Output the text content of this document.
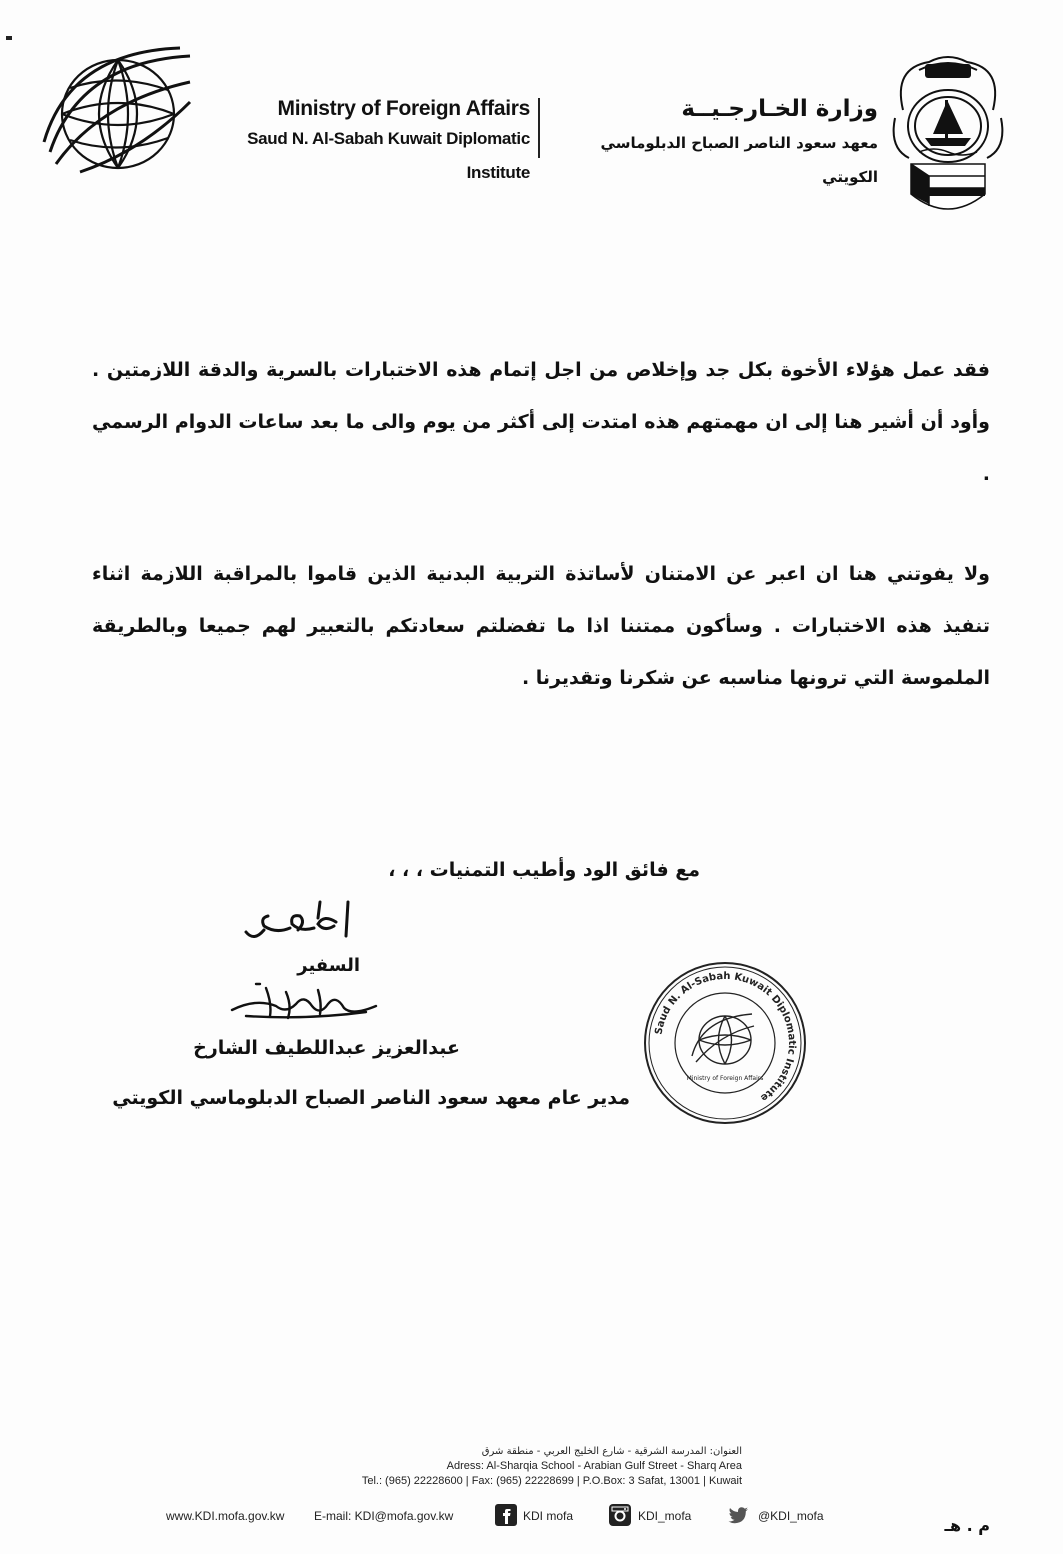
Ministry of Foreign Affairs
Saud N. Al-Sabah Kuwait Diplomatic Institute
وزارة الخـارجـيــة
معهد سعود الناصر الصباح الدبلوماسي الكويتي
فقد عمل هؤلاء الأخوة بكل جد وإخلاص من اجل إتمام هذه الاختبارات بالسرية والدقة اللازمتين . وأود أن أشير هنا إلى ان مهمتهم هذه امتدت إلى أكثر من يوم والى ما بعد ساعات الدوام الرسمي .
ولا يفوتني هنا ان اعبر عن الامتنان لأساتذة التربية البدنية الذين قاموا بالمراقبة اللازمة اثناء تنفيذ هذه الاختبارات . وسأكون ممتننا اذا ما تفضلتم سعادتكم بالتعبير لهم جميعا وبالطريقة الملموسة التي ترونها مناسبه عن شكرنا وتقديرنا .
مع فائق الود وأطيب التمنيات ، ، ،
السفير
عبدالعزيز عبداللطيف الشارخ
مدير عام معهد سعود الناصر الصباح الدبلوماسي الكويتي
Saud N. Al-Sabah Kuwait Diplomatic Institute
Ministry of Foreign Affairs
العنوان: المدرسة الشرقية - شارع الخليج العربي - منطقة شرق
Adress: Al-Sharqia School - Arabian Gulf Street - Sharq Area
Tel.: (965) 22228600 | Fax: (965) 22228699 | P.O.Box: 3 Safat, 13001 | Kuwait
www.KDI.mofa.gov.kw E-mail: KDI@mofa.gov.kw	KDI mofa	KDI_mofa	@KDI_mofa	م . هـ
